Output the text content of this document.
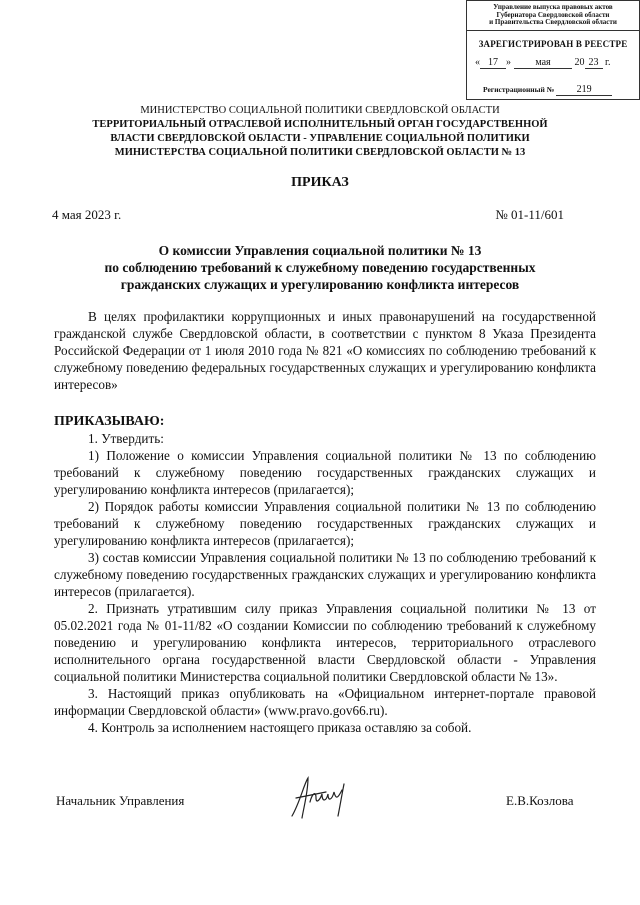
Управление выпуска правовых актов
Губернатора Свердловской области
и Правительства Свердловской области
ЗАРЕГИСТРИРОВАН В РЕЕСТРЕ
« 17 » мая 20 23 г.
Регистрационный № 219
МИНИСТЕРСТВО СОЦИАЛЬНОЙ ПОЛИТИКИ СВЕРДЛОВСКОЙ ОБЛАСТИ
ТЕРРИТОРИАЛЬНЫЙ ОТРАСЛЕВОЙ ИСПОЛНИТЕЛЬНЫЙ ОРГАН ГОСУДАРСТВЕННОЙ
ВЛАСТИ СВЕРДЛОВСКОЙ ОБЛАСТИ - УПРАВЛЕНИЕ СОЦИАЛЬНОЙ ПОЛИТИКИ
МИНИСТЕРСТВА СОЦИАЛЬНОЙ ПОЛИТИКИ СВЕРДЛОВСКОЙ ОБЛАСТИ № 13
ПРИКАЗ
4 мая 2023 г.	№ 01-11/601
О комиссии Управления социальной политики № 13
по соблюдению требований к служебному поведению государственных
гражданских служащих и урегулированию конфликта интересов

В целях профилактики коррупционных и иных правонарушений на государственной гражданской службе Свердловской области, в соответствии с пунктом 8 Указа Президента Российской Федерации от 1 июля 2010 года № 821 «О комиссиях по соблюдению требований к служебному поведению федеральных государственных служащих и урегулированию конфликта интересов»

ПРИКАЗЫВАЮ:

1. Утвердить:

1) Положение о комиссии Управления социальной политики № 13 по соблюдению требований к служебному поведению государственных гражданских служащих и урегулированию конфликта интересов (прилагается);

2) Порядок работы комиссии Управления социальной политики № 13 по соблюдению требований к служебному поведению государственных гражданских служащих и урегулированию конфликта интересов (прилагается);

3) состав комиссии Управления социальной политики № 13 по соблюдению требований к служебному поведению государственных гражданских служащих и урегулированию конфликта интересов (прилагается).

2. Признать утратившим силу приказ Управления социальной политики № 13 от 05.02.2021 года № 01-11/82 «О создании Комиссии по соблюдению требований к служебному поведению и урегулированию конфликта интересов, территориального отраслевого исполнительного органа государственной власти Свердловской области - Управления социальной политики Министерства социальной политики Свердловской области № 13».

3. Настоящий приказ опубликовать на «Официальном интернет-портале правовой информации Свердловской области» (www.pravo.gov66.ru).

4. Контроль за исполнением настоящего приказа оставляю за собой.

Начальник Управления	Е.В.Козлова
